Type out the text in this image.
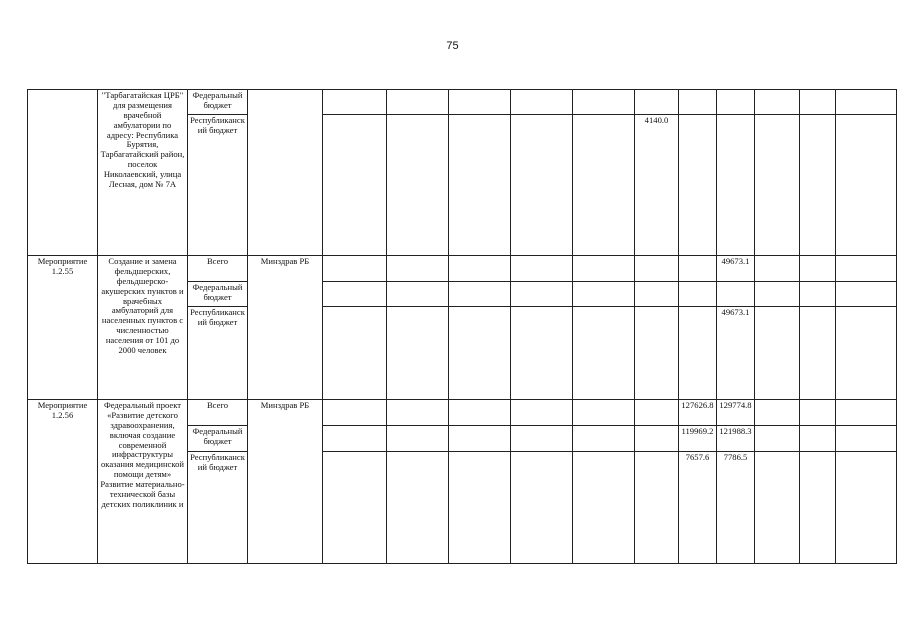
75
	"Тарбагатайская ЦРБ" для размещения врачебной амбулатории по адресу: Республика Бурятия, Тарбагатайский район, поселок Николаевский, улица Лесная, дом № 7А	Федеральный бюджет												
		Республиканский бюджет							4140.0					
Мероприятие 1.2.55	Создание и замена фельдшерских, фельдшерско-акушерских пунктов и врачебных амбулаторий для населенных пунктов с численностью населения от 101 до 2000 человек	Всего	Минздрав РБ								49673.1			
		Федеральный бюджет												
		Республиканский бюджет									49673.1			
Мероприятие 1.2.56	Федеральный проект «Развитие детского здравоохранения, включая создание современной инфраструктуры оказания медицинской помощи детям» Развитие материально-технической базы детских поликлиник и	Всего	Минздрав РБ							127626.8	129774.8			
		Федеральный бюджет								119969.2	121988.3			
		Республиканский бюджет								7657.6	7786.5			
